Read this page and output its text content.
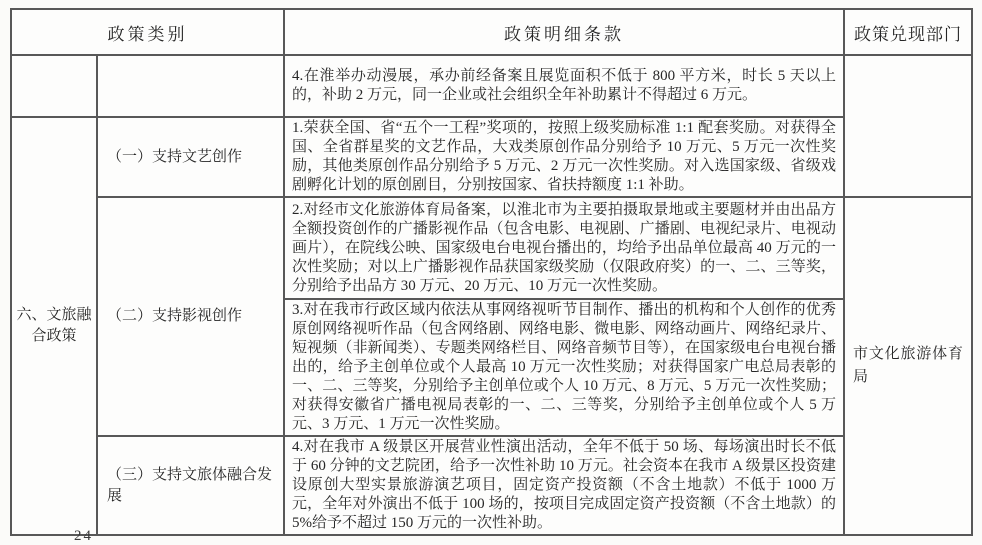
政策类别		政策明细条款	政策兑现部门
		4.在淮举办动漫展，承办前经备案且展览面积不低于 800 平方米，时长 5 天以上的，补助 2 万元，同一企业或社会组织全年补助累计不得超过 6 万元。	
六、文旅融合政策	（一）支持文艺创作	1.荣获全国、省“五个一工程”奖项的，按照上级奖励标准 1:1 配套奖励。对获得全国、全省群星奖的文艺作品，大戏类原创作品分别给予 10 万元、5 万元一次性奖励，其他类原创作品分别给予 5 万元、2 万元一次性奖励。对入选国家级、省级戏剧孵化计划的原创剧目，分别按国家、省扶持额度 1:1 补助。	
	（二）支持影视创作	2.对经市文化旅游体育局备案，以淮北市为主要拍摄取景地或主要题材并由出品方全额投资创作的广播影视作品（包含电影、电视剧、广播剧、电视纪录片、电视动画片），在院线公映、国家级电台电视台播出的，均给予出品单位最高 40 万元的一次性奖励；对以上广播影视作品获国家级奖励（仅限政府奖）的一、二、三等奖，分别给予出品方 30 万元、20 万元、10 万元一次性奖励。	市文化旅游体育局
		3.对在我市行政区域内依法从事网络视听节目制作、播出的机构和个人创作的优秀原创网络视听作品（包含网络剧、网络电影、微电影、网络动画片、网络纪录片、短视频（非新闻类）、专题类网络栏目、网络音频节目等），在国家级电台电视台播出的，给予主创单位或个人最高 10 万元一次性奖励；对获得国家广电总局表彰的一、二、三等奖，分别给予主创单位或个人 10 万元、8 万元、5 万元一次性奖励；对获得安徽省广播电视局表彰的一、二、三等奖，分别给予主创单位或个人 5 万元、3 万元、1 万元一次性奖励。	
	（三）支持文旅体融合发展	4.对在我市 A 级景区开展营业性演出活动，全年不低于 50 场、每场演出时长不低于 60 分钟的文艺院团，给予一次性补助 10 万元。社会资本在我市 A 级景区投资建设原创大型实景旅游演艺项目，固定资产投资额（不含土地款）不低于 1000 万元，全年对外演出不低于 100 场的，按项目完成固定资产投资额（不含土地款）的 5%给予不超过 150 万元的一次性补助。	
24
